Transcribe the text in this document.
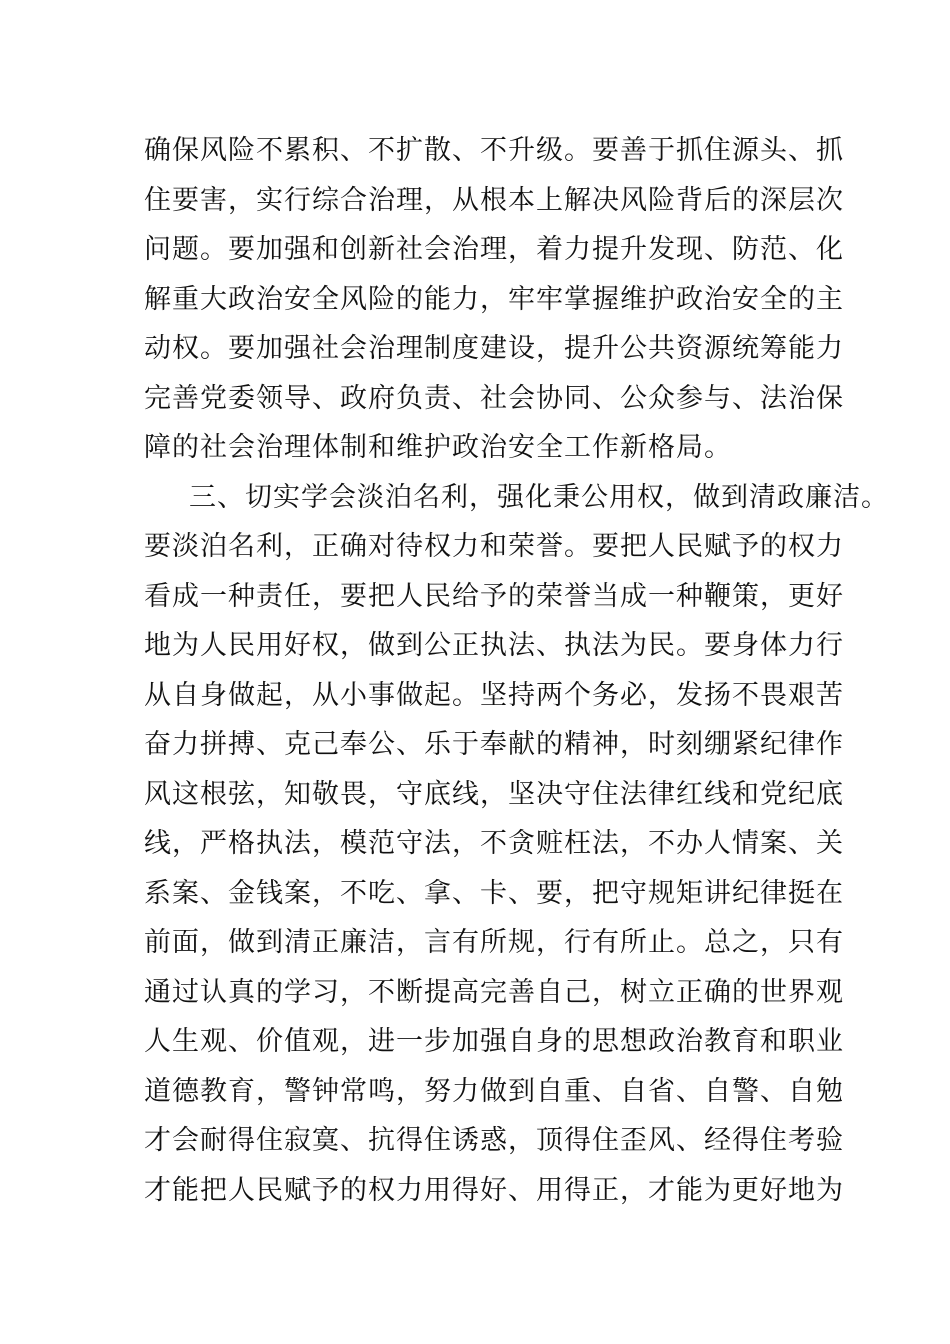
确保风险不累积、不扩散、不升级。要善于抓住源头、抓
住要害，实行综合治理，从根本上解决风险背后的深层次
问题。要加强和创新社会治理，着力提升发现、防范、化
解重大政治安全风险的能力，牢牢掌握维护政治安全的主
动权。要加强社会治理制度建设，提升公共资源统筹能力
完善党委领导、政府负责、社会协同、公众参与、法治保
障的社会治理体制和维护政治安全工作新格局。
三、切实学会淡泊名利，强化秉公用权，做到清政廉洁。
要淡泊名利，正确对待权力和荣誉。要把人民赋予的权力
看成一种责任，要把人民给予的荣誉当成一种鞭策，更好
地为人民用好权，做到公正执法、执法为民。要身体力行
从自身做起，从小事做起。坚持两个务必，发扬不畏艰苦
奋力拼搏、克己奉公、乐于奉献的精神，时刻绷紧纪律作
风这根弦，知敬畏，守底线，坚决守住法律红线和党纪底
线，严格执法，模范守法，不贪赃枉法，不办人情案、关
系案、金钱案，不吃、拿、卡、要，把守规矩讲纪律挺在
前面，做到清正廉洁，言有所规，行有所止。总之，只有
通过认真的学习，不断提高完善自己，树立正确的世界观
人生观、价值观，进一步加强自身的思想政治教育和职业
道德教育，警钟常鸣，努力做到自重、自省、自警、自勉
才会耐得住寂寞、抗得住诱惑，顶得住歪风、经得住考验
才能把人民赋予的权力用得好、用得正，才能为更好地为
